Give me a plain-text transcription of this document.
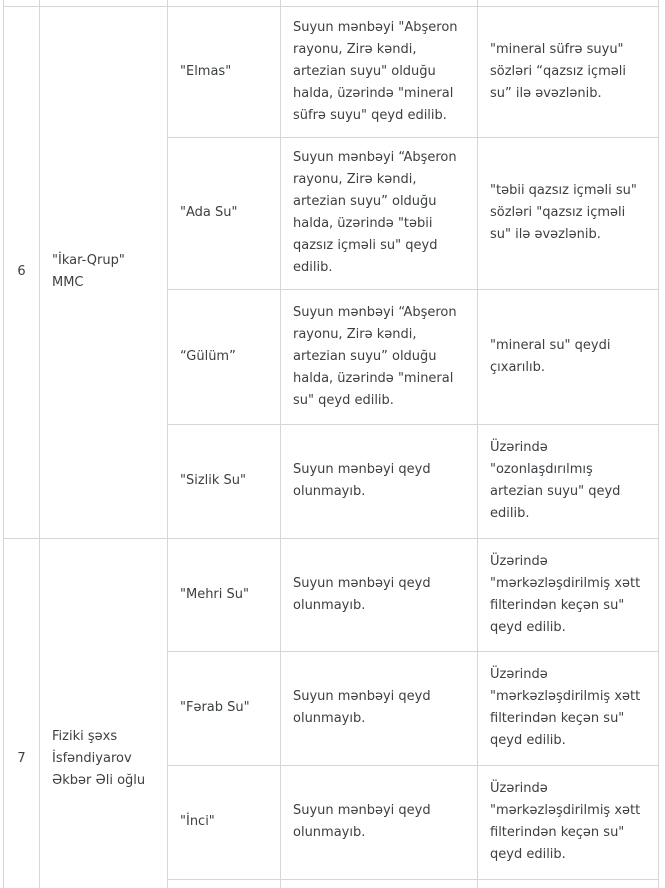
6	"İkar-Qrup" MMC	"Elmas"	Suyun mənbəyi "Abşeron rayonu, Zirə kəndi, artezian suyu" olduğu halda, üzərində "mineral süfrə suyu" qeyd edilib.	"mineral süfrə suyu" sözləri “qazsız içməli su” ilə əvəzlənib.
		"Ada Su"	Suyun mənbəyi “Abşeron rayonu, Zirə kəndi, artezian suyu” olduğu halda, üzərində "təbii qazsız içməli su" qeyd edilib.	"təbii qazsız içməli su" sözləri "qazsız içməli su" ilə əvəzlənib.
		“Gülüm”	Suyun mənbəyi “Abşeron rayonu, Zirə kəndi, artezian suyu” olduğu halda, üzərində "mineral su" qeyd edilib.	"mineral su" qeydi çıxarılıb.
		"Sizlik Su"	Suyun mənbəyi qeyd olunmayıb.	Üzərində "ozonlaşdırılmış artezian suyu" qeyd edilib.
7	Fiziki şəxs İsfəndiyarov Əkbər Əli oğlu	"Mehri Su"	Suyun mənbəyi qeyd olunmayıb.	Üzərində "mərkəzləşdirilmiş xətt filterindən keçən su" qeyd edilib.
		"Fərab Su"	Suyun mənbəyi qeyd olunmayıb.	Üzərində "mərkəzləşdirilmiş xətt filterindən keçən su" qeyd edilib.
		"İnci"	Suyun mənbəyi qeyd olunmayıb.	Üzərində "mərkəzləşdirilmiş xətt filterindən keçən su" qeyd edilib.
